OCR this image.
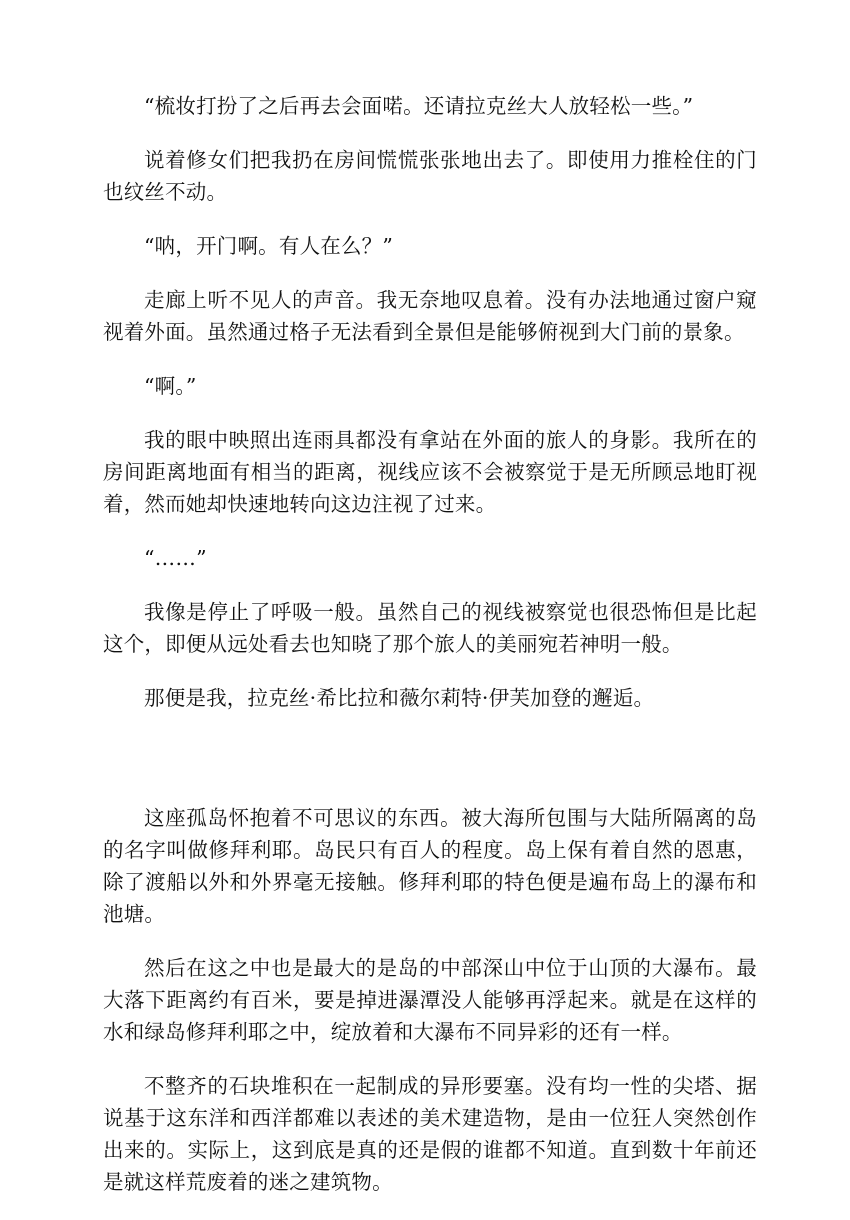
“梳妆打扮了之后再去会面喏。还请拉克丝大人放轻松一些。”

说着修女们把我扔在房间慌慌张张地出去了。即使用力推栓住的门也纹丝不动。

“呐，开门啊。有人在么？”

走廊上听不见人的声音。我无奈地叹息着。没有办法地通过窗户窥视着外面。虽然通过格子无法看到全景但是能够俯视到大门前的景象。

“啊。”

我的眼中映照出连雨具都没有拿站在外面的旅人的身影。我所在的房间距离地面有相当的距离，视线应该不会被察觉于是无所顾忌地盯视着，然而她却快速地转向这边注视了过来。

“……”

我像是停止了呼吸一般。虽然自己的视线被察觉也很恐怖但是比起这个，即便从远处看去也知晓了那个旅人的美丽宛若神明一般。

那便是我，拉克丝·希比拉和薇尔莉特·伊芙加登的邂逅。

这座孤岛怀抱着不可思议的东西。被大海所包围与大陆所隔离的岛的名字叫做修拜利耶。岛民只有百人的程度。岛上保有着自然的恩惠，除了渡船以外和外界毫无接触。修拜利耶的特色便是遍布岛上的瀑布和池塘。

然后在这之中也是最大的是岛的中部深山中位于山顶的大瀑布。最大落下距离约有百米，要是掉进瀑潭没人能够再浮起来。就是在这样的水和绿岛修拜利耶之中，绽放着和大瀑布不同异彩的还有一样。

不整齐的石块堆积在一起制成的异形要塞。没有均一性的尖塔、据说基于这东洋和西洋都难以表述的美术建造物，是由一位狂人突然创作出来的。实际上，这到底是真的还是假的谁都不知道。直到数十年前还是就这样荒废着的迷之建筑物。
